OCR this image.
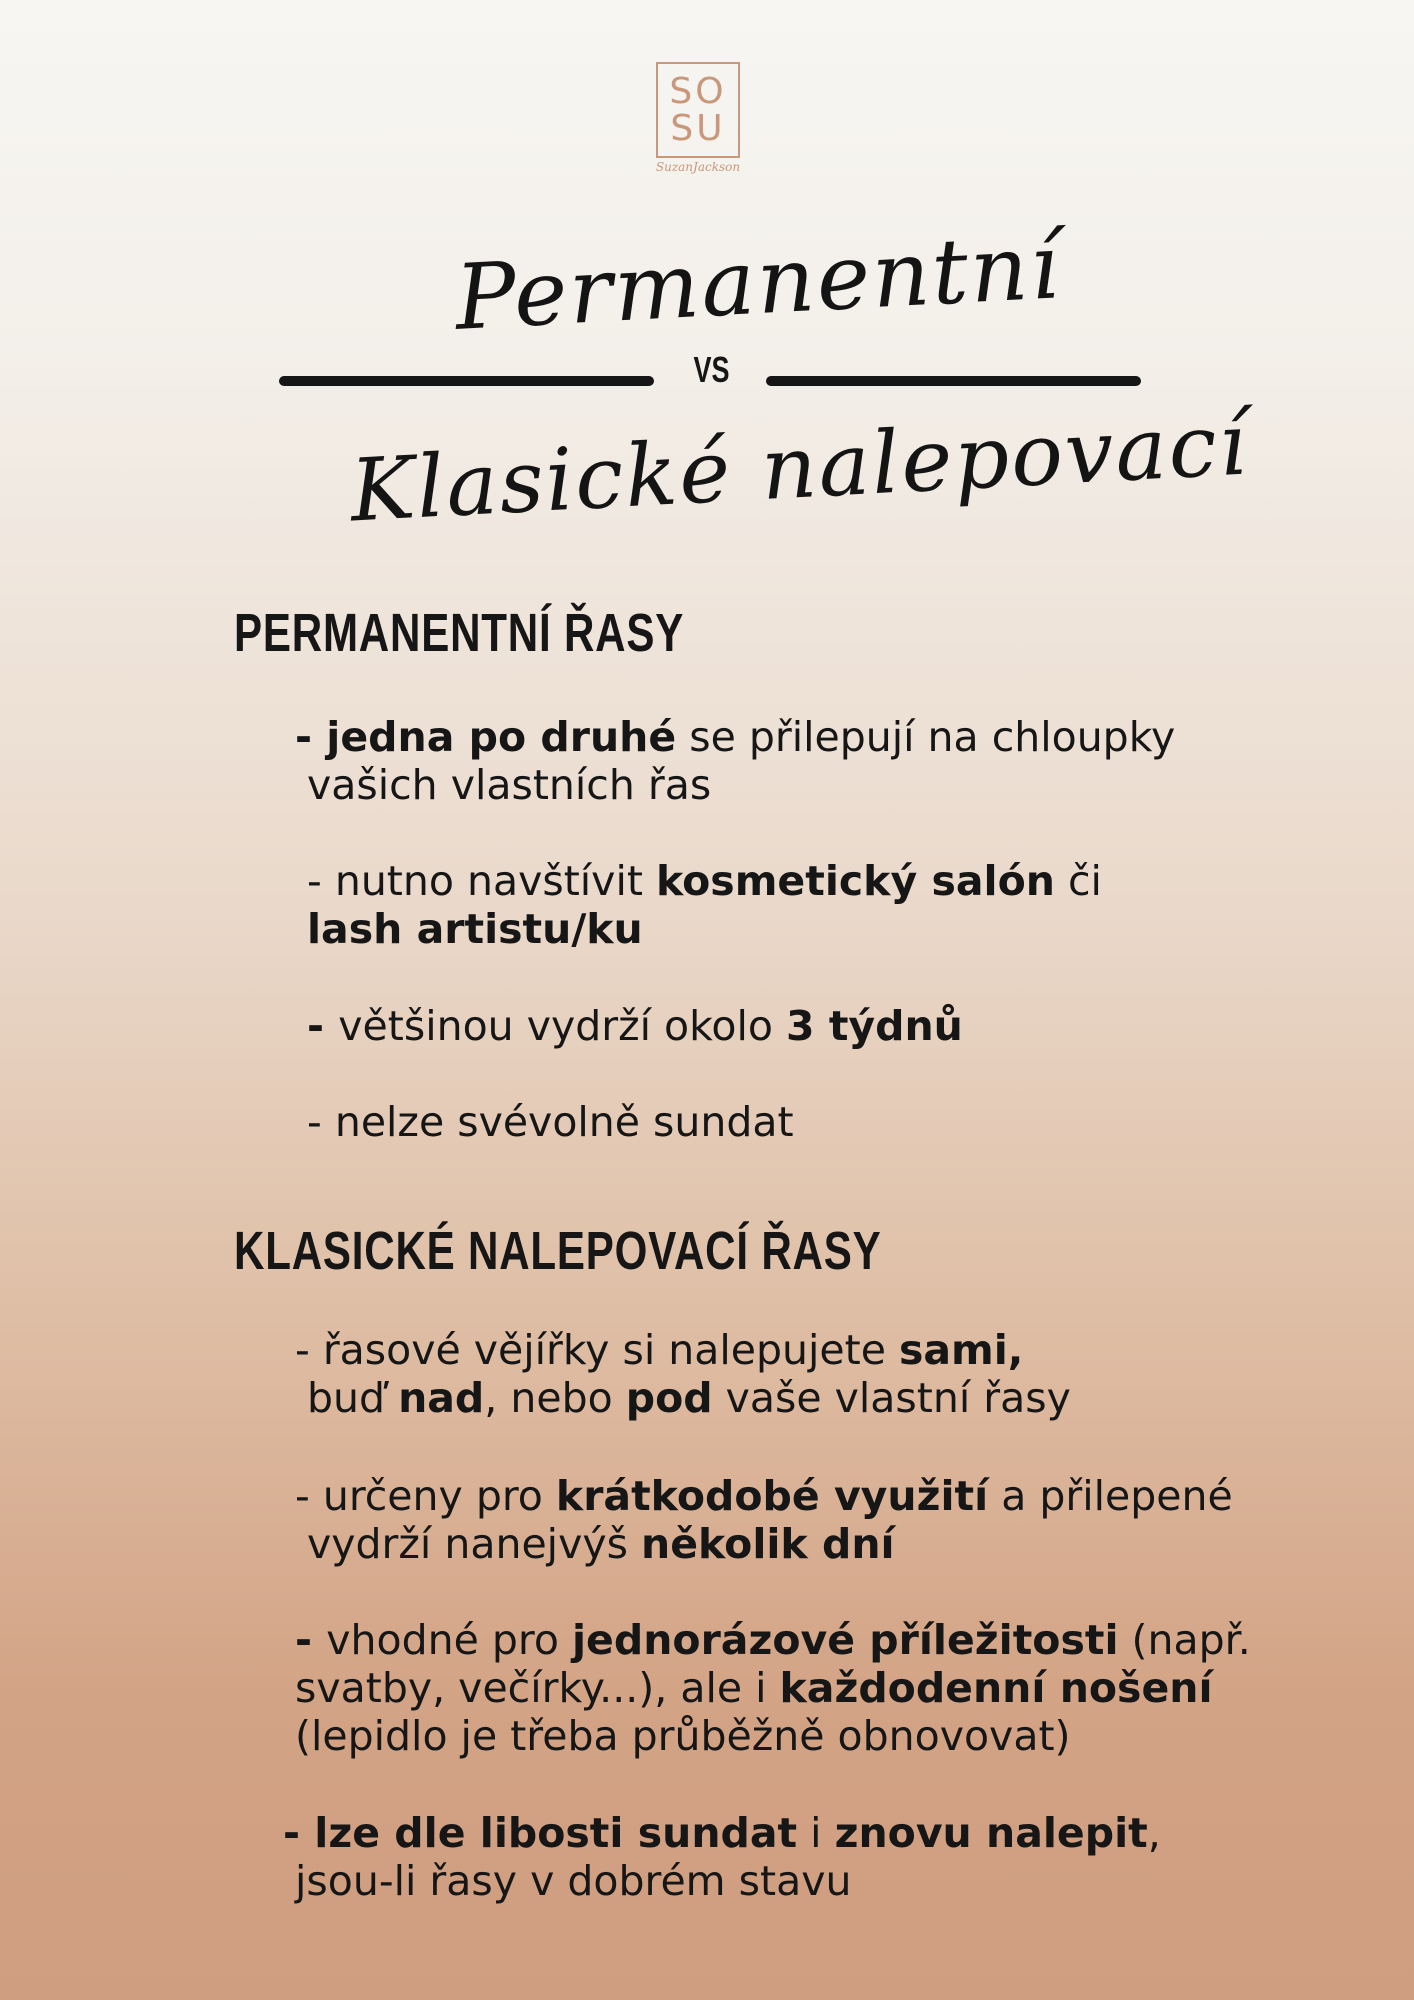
SO
SU
SuzanJackson
Permanentní
VS
Klasické nalepovací
PERMANENTNÍ ŘASY

- jedna po druhé se přilepují na chloupky
vašich vlastních řas

- nutno navštívit kosmetický salón či
lash artistu/ku

- většinou vydrží okolo 3 týdnů

- nelze svévolně sundat

KLASICKÉ NALEPOVACÍ ŘASY

- řasové vějířky si nalepujete sami,
buď nad, nebo pod vaše vlastní řasy

- určeny pro krátkodobé využití a přilepené
vydrží nanejvýš několik dní

- vhodné pro jednorázové příležitosti (např.
svatby, večírky...), ale i každodenní nošení
(lepidlo je třeba průběžně obnovovat)

- lze dle libosti sundat i znovu nalepit,
jsou-li řasy v dobrém stavu
